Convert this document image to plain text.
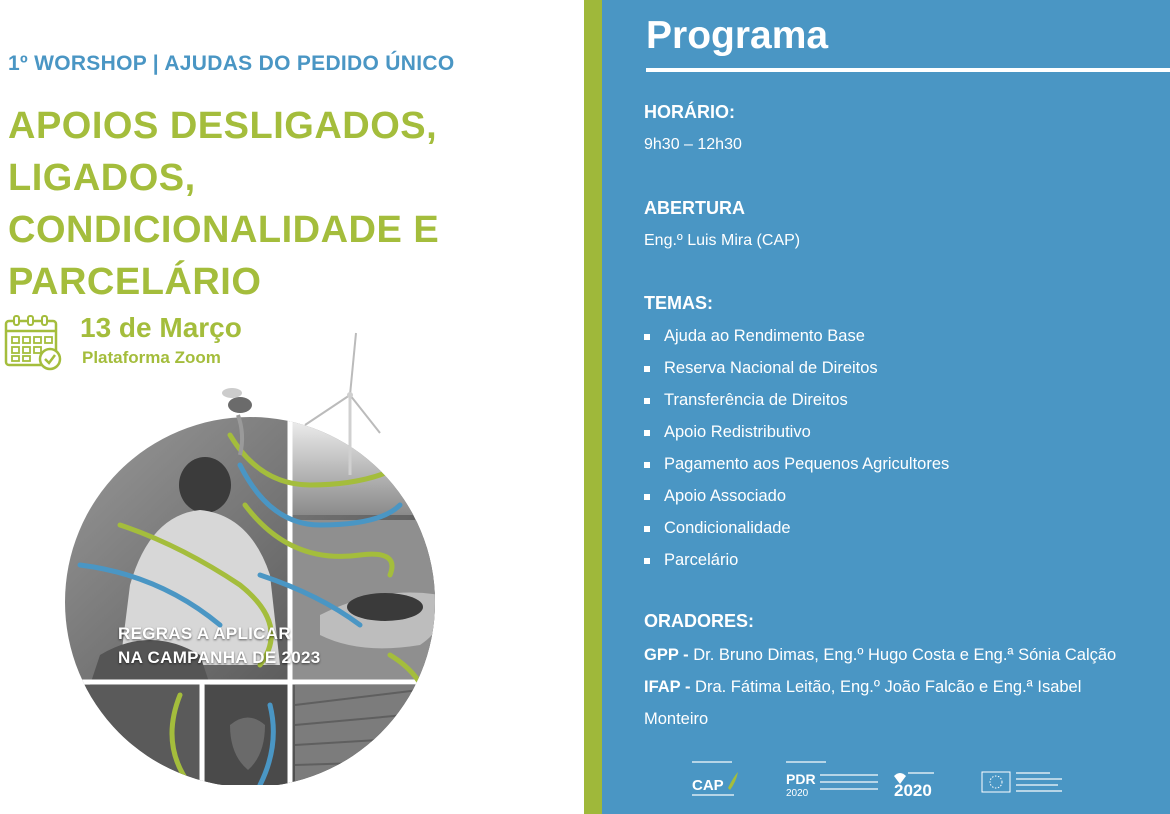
1º WORSHOP | AJUDAS DO PEDIDO ÚNICO
APOIOS DESLIGADOS,
LIGADOS,
CONDICIONALIDADE E
PARCELÁRIO
13 de Março
Plataforma Zoom
REGRAS A APLICAR
NA CAMPANHA DE 2023
Programa
HORÁRIO:
9h30 – 12h30
ABERTURA
Eng.º Luis Mira (CAP)
TEMAS:
Ajuda ao Rendimento Base
Reserva Nacional de Direitos
Transferência de Direitos
Apoio Redistributivo
Pagamento aos Pequenos Agricultores
Apoio Associado
Condicionalidade
Parcelário
ORADORES:
GPP - Dr. Bruno Dimas, Eng.º Hugo Costa e Eng.ª Sónia Calção
IFAP - Dra. Fátima Leitão, Eng.º João Falcão e Eng.ª Isabel
Monteiro
CAP	PDR
2020	2020
